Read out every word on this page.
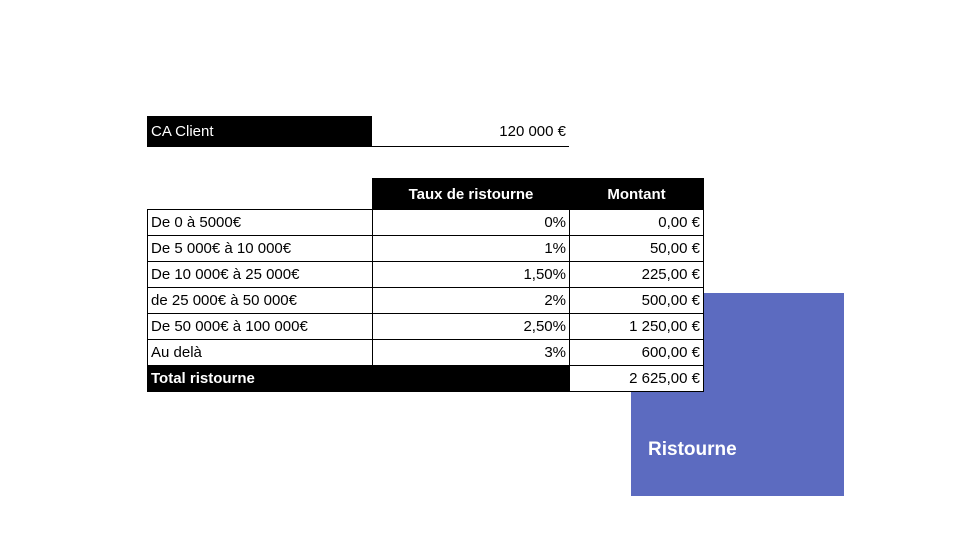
CA Client	120 000 €
Ristourne
	Taux de ristourne	Montant
De 0 à 5000€	0%	0,00 €
De 5 000€ à 10 000€	1%	50,00 €
De 10 000€ à 25 000€	1,50%	225,00 €
de 25 000€ à 50 000€	2%	500,00 €
De 50 000€ à 100 000€	2,50%	1 250,00 €
Au delà	3%	600,00 €
Total ristourne		2 625,00 €
